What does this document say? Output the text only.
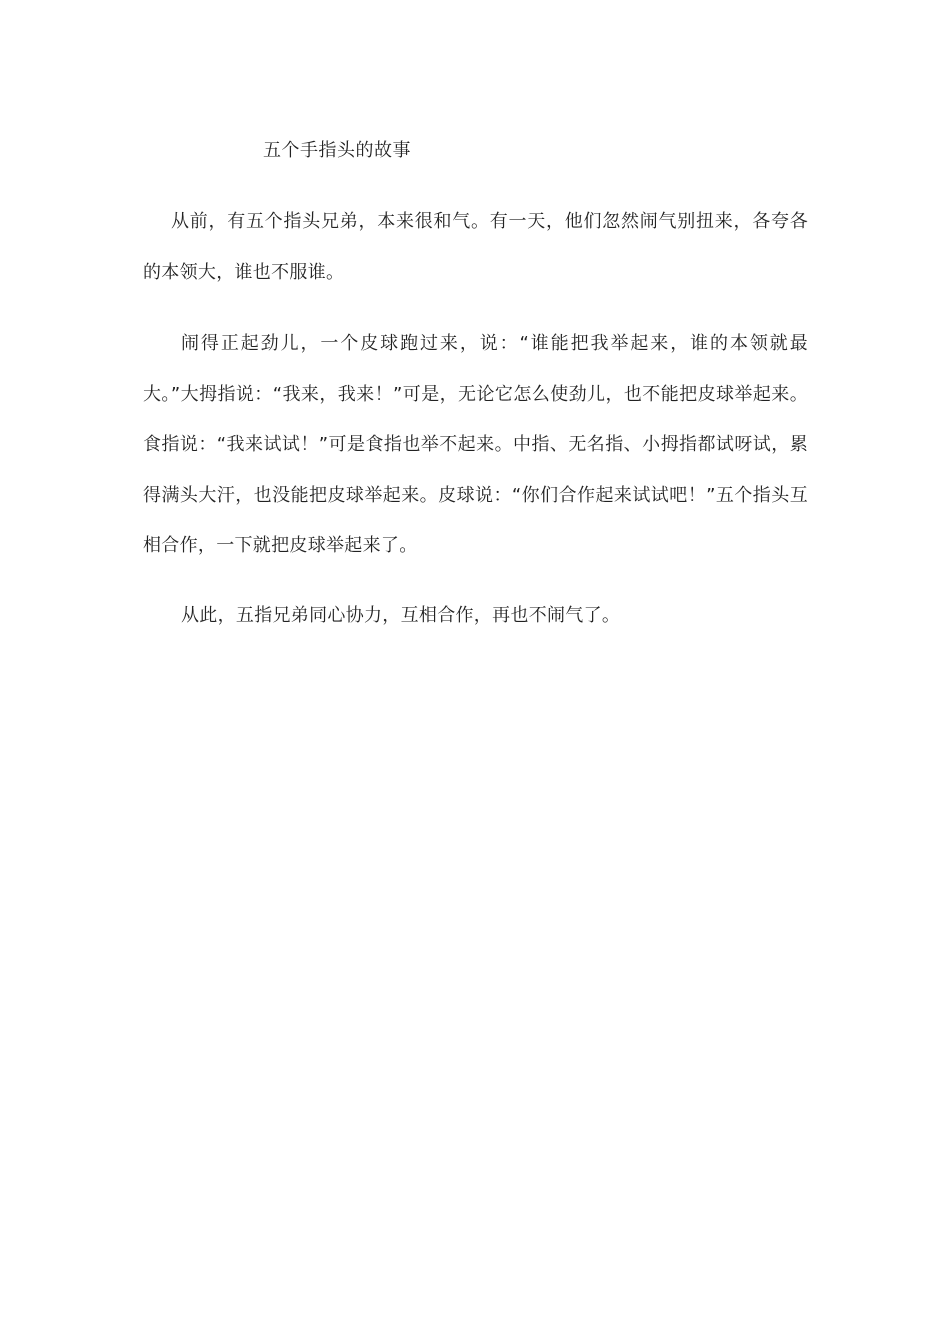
五个手指头的故事

从前，有五个指头兄弟，本来很和气。有一天，他们忽然闹气别扭来，各夸各的本领大，谁也不服谁。

闹得正起劲儿，一个皮球跑过来，说：“谁能把我举起来，谁的本领就最大。”大拇指说：“我来，我来！”可是，无论它怎么使劲儿，也不能把皮球举起来。食指说：“我来试试！”可是食指也举不起来。中指、无名指、小拇指都试呀试，累得满头大汗，也没能把皮球举起来。皮球说：“你们合作起来试试吧！”五个指头互相合作，一下就把皮球举起来了。

从此，五指兄弟同心协力，互相合作，再也不闹气了。
